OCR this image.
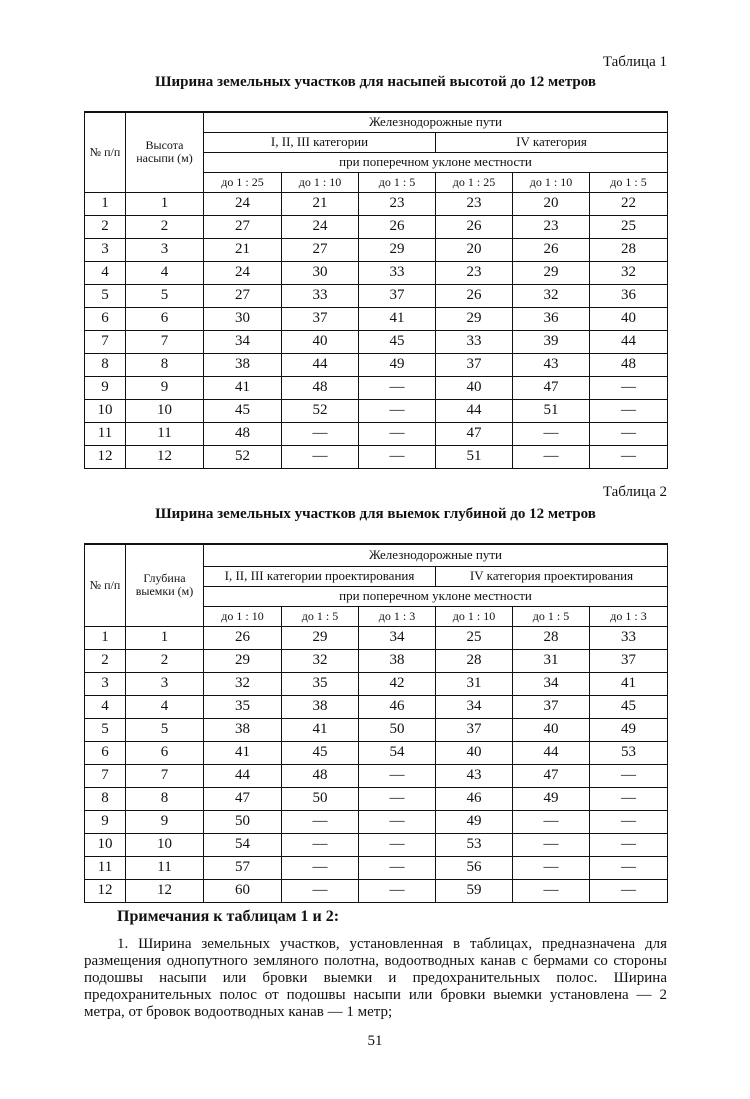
Таблица 1
Ширина земельных участков для насыпей высотой до 12 метров
№ п/п	Высота насыпи (м)	Железнодорожные пути					
		I, II, III категории			IV категория		
		при поперечном уклоне местности					
		до 1 : 25	до 1 : 10	до 1 : 5	до 1 : 25	до 1 : 10	до 1 : 5
1	1	24	21	23	23	20	22
2	2	27	24	26	26	23	25
3	3	21	27	29	20	26	28
4	4	24	30	33	23	29	32
5	5	27	33	37	26	32	36
6	6	30	37	41	29	36	40
7	7	34	40	45	33	39	44
8	8	38	44	49	37	43	48
9	9	41	48	—	40	47	—
10	10	45	52	—	44	51	—
11	11	48	—	—	47	—	—
12	12	52	—	—	51	—	—
Таблица 2
Ширина земельных участков для выемок глубиной до 12 метров
№ п/п	Глубина выемки (м)	Железнодорожные пути					
		I, II, III категории проектирования			IV категория проектирования		
		при поперечном уклоне местности					
		до 1 : 10	до 1 : 5	до 1 : 3	до 1 : 10	до 1 : 5	до 1 : 3
1	1	26	29	34	25	28	33
2	2	29	32	38	28	31	37
3	3	32	35	42	31	34	41
4	4	35	38	46	34	37	45
5	5	38	41	50	37	40	49
6	6	41	45	54	40	44	53
7	7	44	48	—	43	47	—
8	8	47	50	—	46	49	—
9	9	50	—	—	49	—	—
10	10	54	—	—	53	—	—
11	11	57	—	—	56	—	—
12	12	60	—	—	59	—	—
Примечания к таблицам 1 и 2:

1. Ширина земельных участков, установленная в таблицах, предназначена для размещения однопутного земляного полотна, водоотводных канав с бермами со стороны подошвы насыпи или бровки выемки и предохранительных полос. Ширина предохранительных полос от подошвы насыпи или бровки выемки установлена — 2 метра, от бровок водоотводных канав — 1 метр;

51
